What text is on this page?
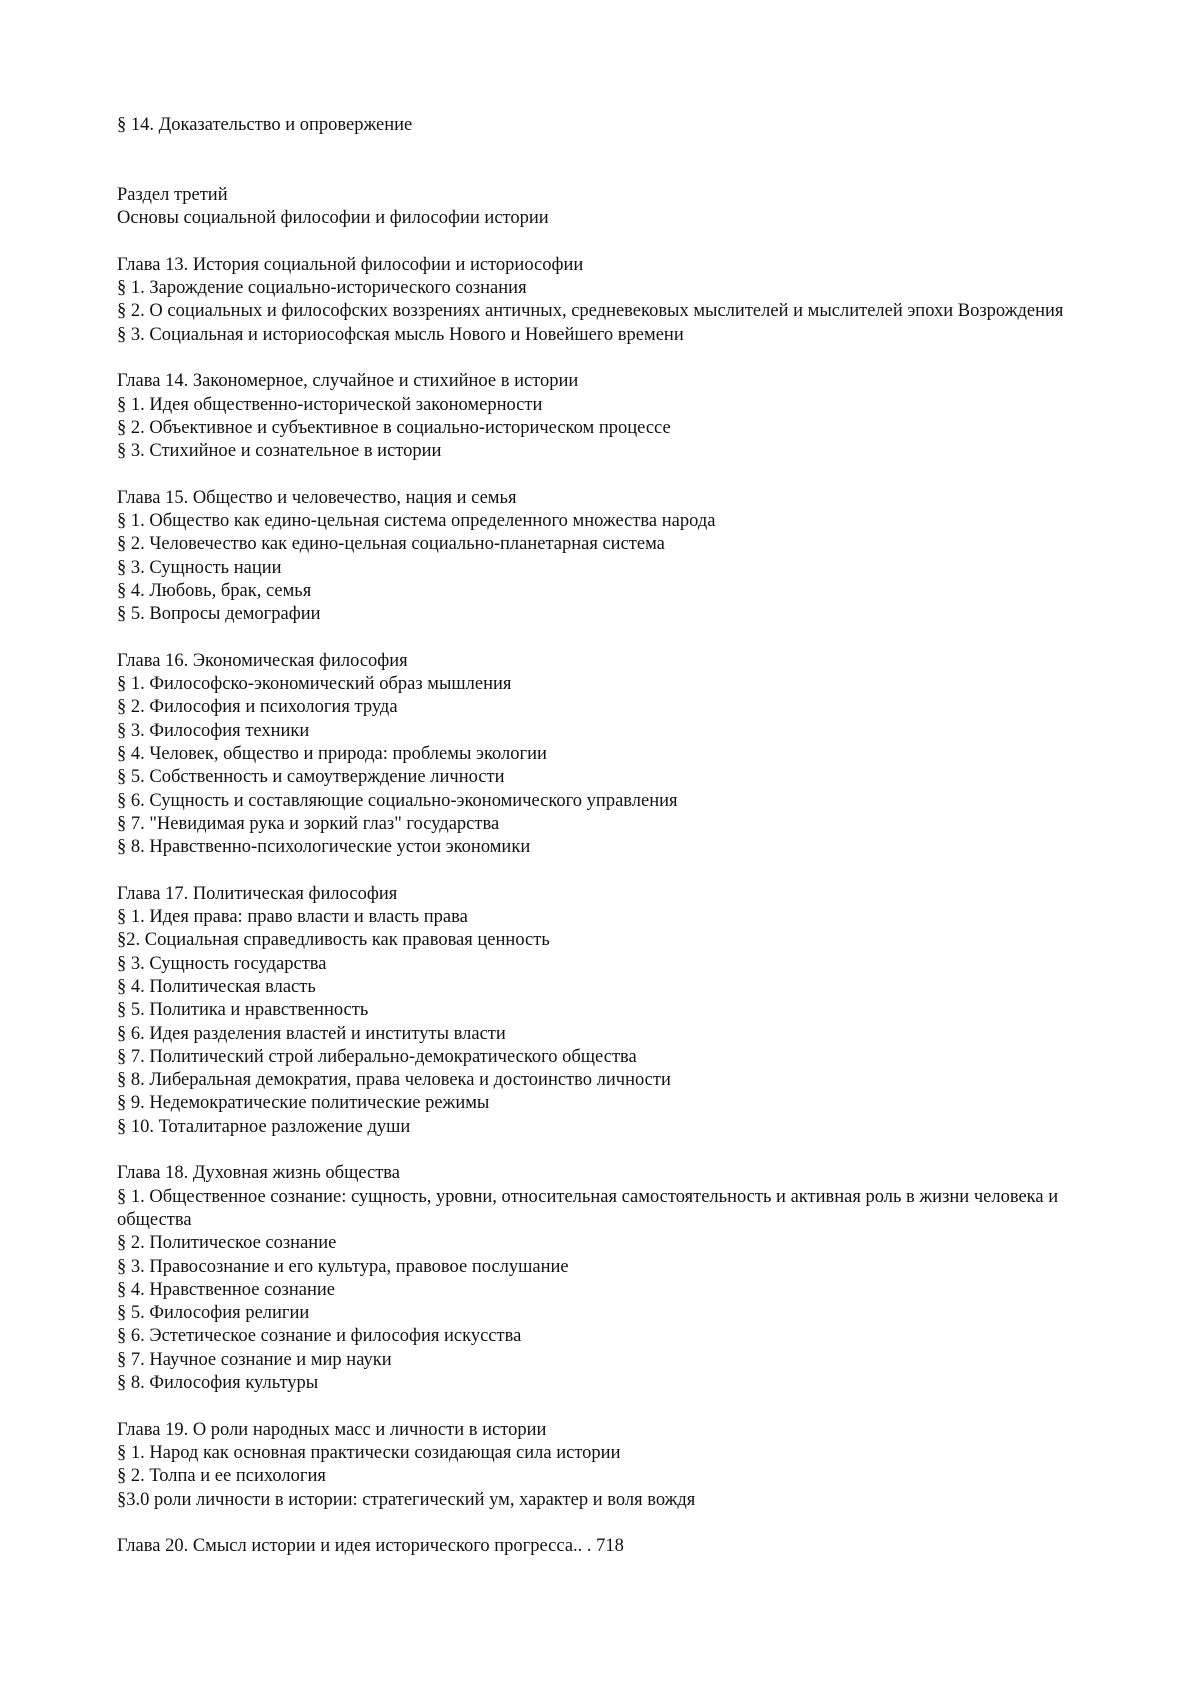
§ 14. Доказательство и опровержение

Раздел третий

Основы социальной философии и философии истории

Глава 13. История социальной философии и историософии

§ 1. Зарождение социально-исторического сознания

§ 2. О социальных и философских воззрениях античных, средневековых мыслителей и мыслителей эпохи Возрождения

§ 3. Социальная и историософская мысль Нового и Новейшего времени

Глава 14. Закономерное, случайное и стихийное в истории

§ 1. Идея общественно-исторической закономерности

§ 2. Объективное и субъективное в социально-историческом процессе

§ 3. Стихийное и сознательное в истории

Глава 15. Общество и человечество, нация и семья

§ 1. Общество как едино-цельная система определенного множества народа

§ 2. Человечество как едино-цельная социально-планетарная система

§ 3. Сущность нации

§ 4. Любовь, брак, семья

§ 5. Вопросы демографии

Глава 16. Экономическая философия

§ 1. Философско-экономический образ мышления

§ 2. Философия и психология труда

§ 3. Философия техники

§ 4. Человек, общество и природа: проблемы экологии

§ 5. Собственность и самоутверждение личности

§ 6. Сущность и составляющие социально-экономического управления

§ 7. "Невидимая рука и зоркий глаз" государства

§ 8. Нравственно-психологические устои экономики

Глава 17. Политическая философия

§ 1. Идея права: право власти и власть права

§2. Социальная справедливость как правовая ценность

§ 3. Сущность государства

§ 4. Политическая власть

§ 5. Политика и нравственность

§ 6. Идея разделения властей и институты власти

§ 7. Политический строй либерально-демократического общества

§ 8. Либеральная демократия, права человека и достоинство личности

§ 9. Недемократические политические режимы

§ 10. Тоталитарное разложение души

Глава 18. Духовная жизнь общества

§ 1. Общественное сознание: сущность, уровни, относительная самостоятельность и активная роль в жизни человека и общества

§ 2. Политическое сознание

§ 3. Правосознание и его культура, правовое послушание

§ 4. Нравственное сознание

§ 5. Философия религии

§ 6. Эстетическое сознание и философия искусства

§ 7. Научное сознание и мир науки

§ 8. Философия культуры

Глава 19. О роли народных масс и личности в истории

§ 1. Народ как основная практически созидающая сила истории

§ 2. Толпа и ее психология

§3.0 роли личности в истории: стратегический ум, характер и воля вождя

Глава 20. Смысл истории и идея исторического прогресса.. . 718
